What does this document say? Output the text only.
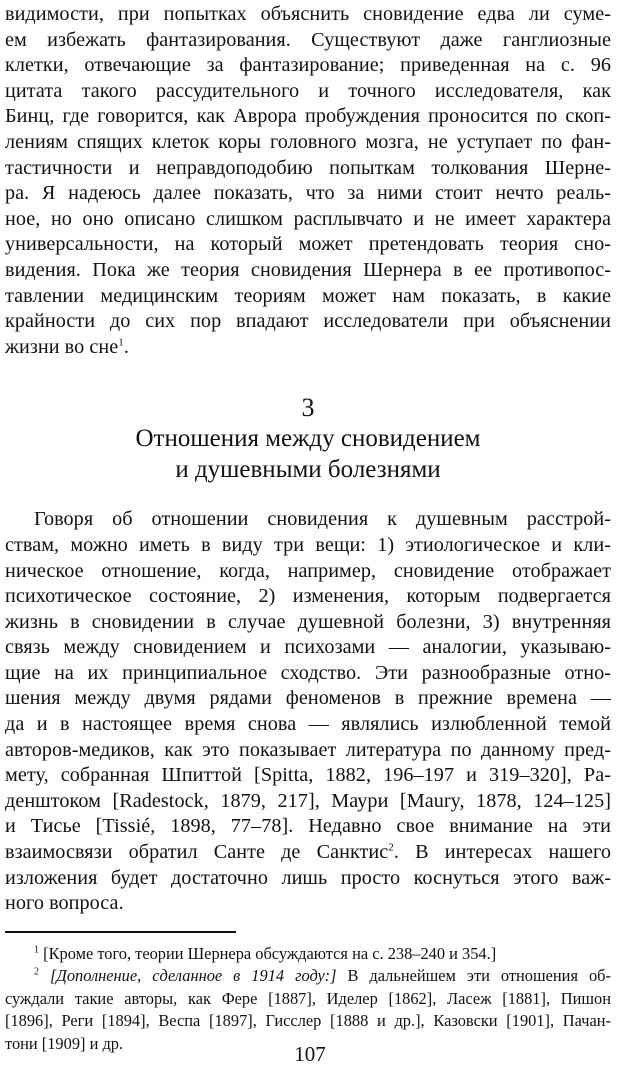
видимости, при попытках объяснить сновидение едва ли суме-
ем избежать фантазирования. Существуют даже ганглиозные
клетки, отвечающие за фантазирование; приведенная на с. 96
цитата такого рассудительного и точного исследователя, как
Бинц, где говорится, как Аврора пробуждения проносится по скоп-
лениям спящих клеток коры головного мозга, не уступает по фан-
тастичности и неправдоподобию попыткам толкования Шерне-
ра. Я надеюсь далее показать, что за ними стоит нечто реаль-
ное, но оно описано слишком расплывчато и не имеет характера
универсальности, на который может претендовать теория сно-
видения. Пока же теория сновидения Шернера в ее противопос-
тавлении медицинским теориям может нам показать, в какие
крайности до сих пор впадают исследователи при объяснении
жизни во сне$^1$.
3
Отношения между сновидением
и душевными болезнями
Говоря об отношении сновидения к душевным расстрой-
ствам, можно иметь в виду три вещи: 1) этиологическое и кли-
ническое отношение, когда, например, сновидение отображает
психотическое состояние, 2) изменения, которым подвергается
жизнь в сновидении в случае душевной болезни, 3) внутренняя
связь между сновидением и психозами — аналогии, указываю-
щие на их принципиальное сходство. Эти разнообразные отно-
шения между двумя рядами феноменов в прежние времена —
да и в настоящее время снова — являлись излюбленной темой
авторов-медиков, как это показывает литература по данному пред-
мету, собранная Шпиттой [Spitta, 1882, 196–197 и 319–320], Ра-
денштоком [Radestock, 1879, 217], Маури [Maury, 1878, 124–125]
и Тисье [Tissié, 1898, 77–78]. Недавно свое внимание на эти
взаимосвязи обратил Санте де Санктис$^2$. В интересах нашего
изложения будет достаточно лишь просто коснуться этого важ-
ного вопроса.
$^1$ [Кроме того, теории Шернера обсуждаются на с. 238–240 и 354.]
$^2$ [Дополнение, сделанное в 1914 году:] В дальнейшем эти отношения об-
суждали такие авторы, как Фере [1887], Иделер [1862], Ласеж [1881], Пишон
[1896], Реги [1894], Веспа [1897], Гисслер [1888 и др.], Казовски [1901], Пачан-
тони [1909] и др.	107
